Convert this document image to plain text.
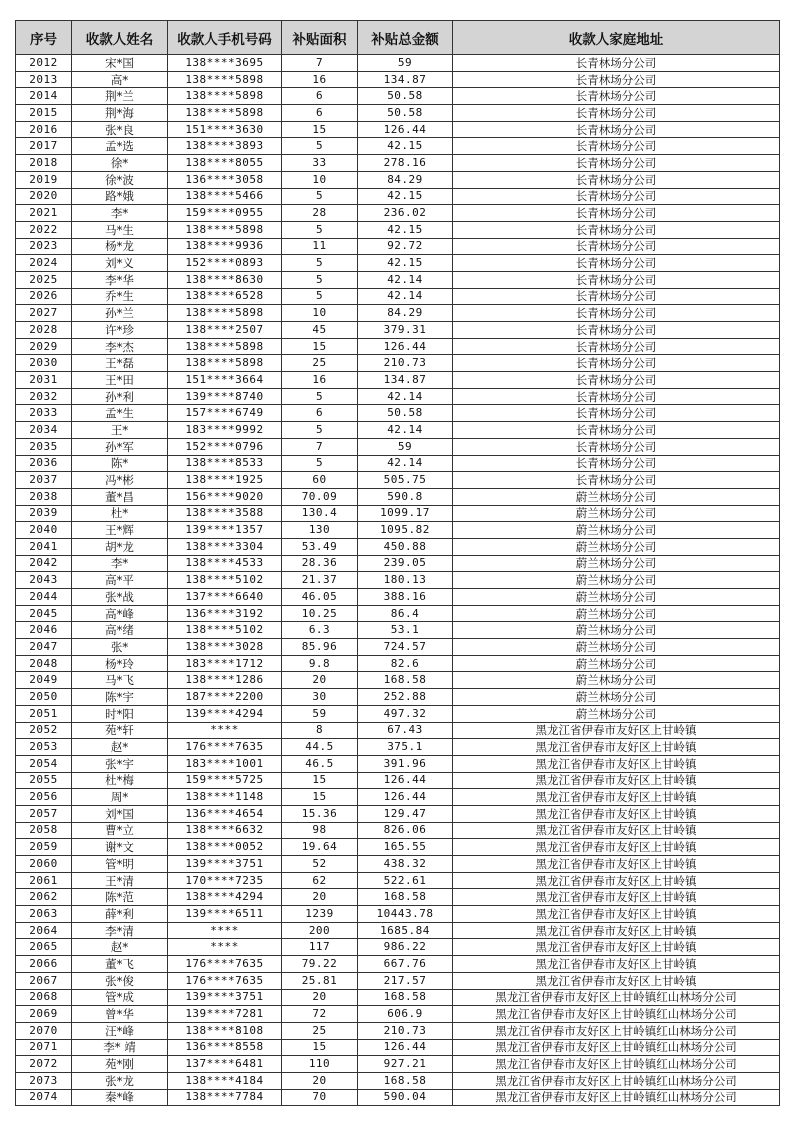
序号	收款人姓名	收款人手机号码	补贴面积	补贴总金额	收款人家庭地址
2012	宋*国	138****3695	7	59	长青林场分公司
2013	高*	138****5898	16	134.87	长青林场分公司
2014	荆*兰	138****5898	6	50.58	长青林场分公司
2015	荆*海	138****5898	6	50.58	长青林场分公司
2016	张*良	151****3630	15	126.44	长青林场分公司
2017	孟*选	138****3893	5	42.15	长青林场分公司
2018	徐*	138****8055	33	278.16	长青林场分公司
2019	徐*波	136****3058	10	84.29	长青林场分公司
2020	路*娥	138****5466	5	42.15	长青林场分公司
2021	李*	159****0955	28	236.02	长青林场分公司
2022	马*生	138****5898	5	42.15	长青林场分公司
2023	杨*龙	138****9936	11	92.72	长青林场分公司
2024	刘*义	152****0893	5	42.15	长青林场分公司
2025	李*华	138****8630	5	42.14	长青林场分公司
2026	乔*生	138****6528	5	42.14	长青林场分公司
2027	孙*兰	138****5898	10	84.29	长青林场分公司
2028	许*珍	138****2507	45	379.31	长青林场分公司
2029	李*杰	138****5898	15	126.44	长青林场分公司
2030	王*磊	138****5898	25	210.73	长青林场分公司
2031	王*田	151****3664	16	134.87	长青林场分公司
2032	孙*利	139****8740	5	42.14	长青林场分公司
2033	孟*生	157****6749	6	50.58	长青林场分公司
2034	王*	183****9992	5	42.14	长青林场分公司
2035	孙*军	152****0796	7	59	长青林场分公司
2036	陈*	138****8533	5	42.14	长青林场分公司
2037	冯*彬	138****1925	60	505.75	长青林场分公司
2038	董*昌	156****9020	70.09	590.8	蔚兰林场分公司
2039	杜*	138****3588	130.4	1099.17	蔚兰林场分公司
2040	王*辉	139****1357	130	1095.82	蔚兰林场分公司
2041	胡*龙	138****3304	53.49	450.88	蔚兰林场分公司
2042	李*	138****4533	28.36	239.05	蔚兰林场分公司
2043	高*平	138****5102	21.37	180.13	蔚兰林场分公司
2044	张*战	137****6640	46.05	388.16	蔚兰林场分公司
2045	高*峰	136****3192	10.25	86.4	蔚兰林场分公司
2046	高*绪	138****5102	6.3	53.1	蔚兰林场分公司
2047	张*	138****3028	85.96	724.57	蔚兰林场分公司
2048	杨*玲	183****1712	9.8	82.6	蔚兰林场分公司
2049	马*飞	138****1286	20	168.58	蔚兰林场分公司
2050	陈*宇	187****2200	30	252.88	蔚兰林场分公司
2051	时*阳	139****4294	59	497.32	蔚兰林场分公司
2052	苑*轩	****	8	67.43	黑龙江省伊春市友好区上甘岭镇
2053	赵*	176****7635	44.5	375.1	黑龙江省伊春市友好区上甘岭镇
2054	张*宇	183****1001	46.5	391.96	黑龙江省伊春市友好区上甘岭镇
2055	杜*梅	159****5725	15	126.44	黑龙江省伊春市友好区上甘岭镇
2056	周*	138****1148	15	126.44	黑龙江省伊春市友好区上甘岭镇
2057	刘*国	136****4654	15.36	129.47	黑龙江省伊春市友好区上甘岭镇
2058	曹*立	138****6632	98	826.06	黑龙江省伊春市友好区上甘岭镇
2059	谢*文	138****0052	19.64	165.55	黑龙江省伊春市友好区上甘岭镇
2060	管*明	139****3751	52	438.32	黑龙江省伊春市友好区上甘岭镇
2061	王*清	170****7235	62	522.61	黑龙江省伊春市友好区上甘岭镇
2062	陈*范	138****4294	20	168.58	黑龙江省伊春市友好区上甘岭镇
2063	薛*利	139****6511	1239	10443.78	黑龙江省伊春市友好区上甘岭镇
2064	李*清	****	200	1685.84	黑龙江省伊春市友好区上甘岭镇
2065	赵*	****	117	986.22	黑龙江省伊春市友好区上甘岭镇
2066	董*飞	176****7635	79.22	667.76	黑龙江省伊春市友好区上甘岭镇
2067	张*俊	176****7635	25.81	217.57	黑龙江省伊春市友好区上甘岭镇
2068	管*成	139****3751	20	168.58	黑龙江省伊春市友好区上甘岭镇红山林场分公司
2069	曾*华	139****7281	72	606.9	黑龙江省伊春市友好区上甘岭镇红山林场分公司
2070	汪*峰	138****8108	25	210.73	黑龙江省伊春市友好区上甘岭镇红山林场分公司
2071	李* 靖	136****8558	15	126.44	黑龙江省伊春市友好区上甘岭镇红山林场分公司
2072	苑*刚	137****6481	110	927.21	黑龙江省伊春市友好区上甘岭镇红山林场分公司
2073	张*龙	138****4184	20	168.58	黑龙江省伊春市友好区上甘岭镇红山林场分公司
2074	秦*峰	138****7784	70	590.04	黑龙江省伊春市友好区上甘岭镇红山林场分公司
